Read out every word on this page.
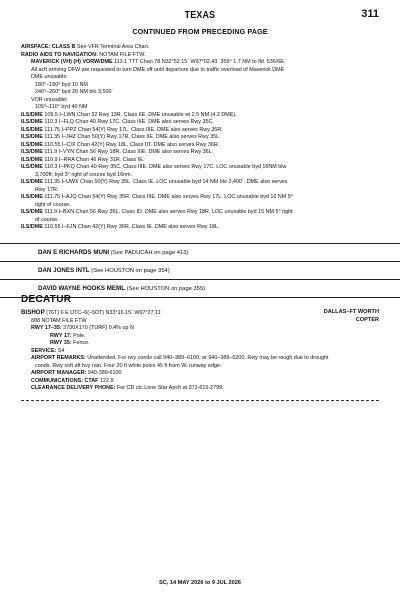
TEXAS	311
CONTINUED FROM PRECEDING PAGE
AIRSPACE: CLASS B See VFR Terminal Area Chart.
RADIO AIDS TO NAVIGATION: NOTAM FILE FTW.
MAVERICK (VH) (H) VORW/DME 113.1 TTT Chan 78 N32°52.15´ W97°02.43´ 359° 1.7 NM to fld. 536/6E.
All acft arriving DFW are requested to turn DME off until departure due to traffic overload of Maverick DME
DME unusable:
180°–190° byd 10 NM
240°–260° byd 20 NM blo 3,500´
VOR unusable:
105°–110° byd 40 NM
ILS/DME 109.5 I–LWN Chan 32 Rwy 13R. Class IIE. DME unusable wi 2.5 NM (4.2 DME).
ILS/DME 110.3 I–FLQ Chan 40 Rwy 17C. Class IIIE. DME also serves Rwy 35C.
ILS/DME 111.75 I–PPZ Chan 54(Y) Rwy 17L. Class IIIE. DME also serves Rwy 35R.
ILS/DME 111.35 I–JHZ Chan 50(Y) Rwy 17R. Class IIE. DME also serves Rwy 35L.
ILS/DME 110.55 I–CIX Chan 42(Y) Rwy 18L. Class IIT. DME also serves Rwy 36R.
ILS/DME 111.9 I–VYN Chan 56 Rwy 18R. Class IIIE. DME also serves Rwy 36L.
ILS/DME 110.9 I–RRA Chan 46 Rwy 31R. Class IE.
ILS/DME 110.3 I–PKQ Chan 40 Rwy 35C. Class IIIE. DME also serves Rwy 17C. LOC unusable byd 16NM blw
3,700ft; byd 3° right of course byd 16nm.
ILS/DME 111.35 I–UWX Chan 50(Y) Rwy 35L. Class IE. LOC unusable byd 14 NM blo 3,400´. DME also serves
Rwy 17R.
ILS/DME 111.75 I–AJQ Chan 54(Y) Rwy 35R. Class IIIE. DME also serves Rwy 17L. LOC unusable byd 16 NM 5°
right of course.
ILS/DME 111.9 I–BXN Chan 56 Rwy 36L. Class ID. DME also serves Rwy 18R. LOC unusable byd 15 NM 5° right
of course.
ILS/DME 110.55 I–FJN Chan 42(Y) Rwy 36R. Class IE. DME also serves Rwy 18L.
DAN E RICHARDS MUNI (See PADUCAH on page 413)
DAN JONES INTL (See HOUSTON on page 354)
DAVID WAYNE HOOKS MEML (See HOUSTON on page 355)
DECATUR
BISHOP (76T) 6 E UTC–6(–5DT) N33°16.15´ W97°27.11´
888 NOTAM FILE FTW
RWY 17–35: 3730X170 (TURF) 0.4% up N
RWY 17: Pole.
RWY 35: Fence.
SERVICE: S4
AIRPORT REMARKS: Unattended. For rwy conds call 940–389–6100, or 940–389–6200. Rwy may be rough due to drought
conds. Rwy soft aft hvy rain. Four 20 ft white poles 45 ft from W. runway edge.
AIRPORT MANAGER: 940-389-6100
COMMUNICATIONS: CTAF 122.9
CLEARANCE DELIVERY PHONE: For CD ctc Lone Star Apch at 972-615-2799.
DALLAS–FT WORTH
COPTER
SC, 14 MAY 2026 to 9 JUL 2026
